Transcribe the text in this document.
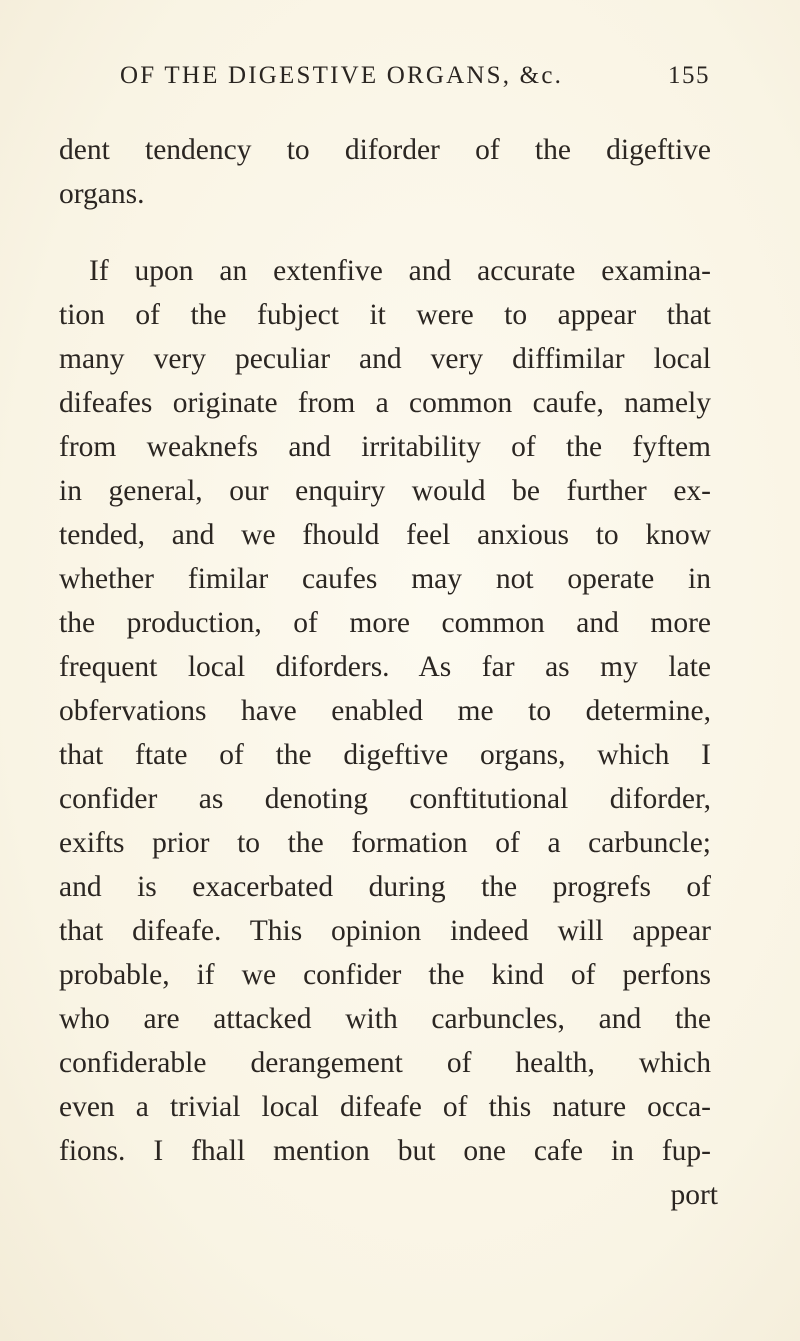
OF THE DIGESTIVE ORGANS, &c.	155
dent tendency to diforder of the digeftive
organs.
If upon an extenfive and accurate examina-
tion of the fubject it were to appear that
many very peculiar and very diffimilar local
difeafes originate from a common caufe, namely
from weaknefs and irritability of the fyftem
in general, our enquiry would be further ex-
tended, and we fhould feel anxious to know
whether fimilar caufes may not operate in
the production, of more common and more
frequent local diforders. As far as my late
obfervations have enabled me to determine,
that ftate of the digeftive organs, which I
confider as denoting conftitutional diforder,
exifts prior to the formation of a carbuncle;
and is exacerbated during the progrefs of
that difeafe. This opinion indeed will appear
probable, if we confider the kind of perfons
who are attacked with carbuncles, and the
confiderable derangement of health, which
even a trivial local difeafe of this nature occa-
fions. I fhall mention but one cafe in fup-
port
